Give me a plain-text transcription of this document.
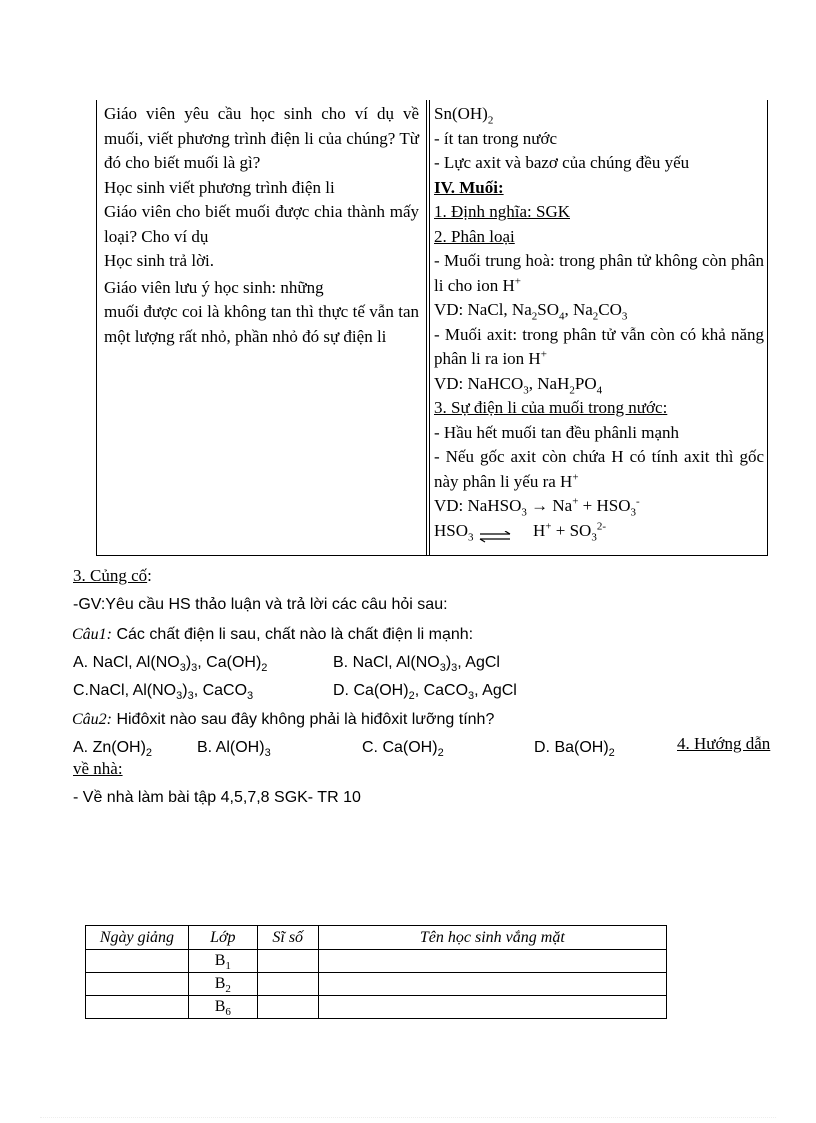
Giáo viên yêu cầu học sinh cho ví dụ về muối, viết phương trình điện li của chúng? Từ đó cho biết muối là gì?

Học sinh viết phương trình điện li

Giáo viên cho biết muối được chia thành mấy loại? Cho ví dụ

Học sinh trả lời.

Giáo viên lưu ý học sinh: những

muối được coi là không tan thì thực tế vẫn tan một lượng rất nhỏ, phần nhỏ đó sự điện li

$Sn(OH)_2$

- ít tan trong nước

- Lực axit và bazơ của chúng đều yếu

IV. Muối:

1. Định nghĩa: SGK

2. Phân loại

- Muối trung hoà: trong phân tử không còn phân li cho ion H+

VD: NaCl, $Na_2SO_4$, $Na_2CO_3$

- Muối axit: trong phân tử vẫn còn có khả năng phân li ra ion H+

VD: NaHCO$_3$, $NaH_2PO_4$

3. Sự điện li của muối trong nước:

- Hầu hết muối tan đều phânli mạnh

- Nếu gốc axit còn chứa H có tính axit thì gốc này phân li yếu ra H+

VD: NaHSO$_3$ → $Na^+ + HSO_3^-$

$HSO_3$ ⇌ $H^+ + SO_3^{2-}$

3. Củng cố:
-GV:Yêu cầu HS thảo luận và trả lời các câu hỏi sau:
Câu1: Các chất điện li sau, chất nào là chất điện li mạnh:
A. NaCl, $Al(NO_3)_3$, $Ca(OH)_2$	B. NaCl, $Al(NO_3)_3$, AgCl
C.NaCl, $Al(NO_3)_3$, CaCO$_3$	D. $Ca(OH)_2$, CaCO$_3$, AgCl
Câu2: Hiđôxit nào sau đây không phải là hiđôxit lưỡng tính?
A. $Zn(OH)_2$	B. $Al(OH)_3$	C. $Ca(OH)_2$	D. $Ba(OH)_2$
4. Hướng dẫn
về nhà:
- Về nhà làm bài tập 4,5,7,8 SGK- TR 10
Ngày giảng	Lớp	Sĩ số	Tên học sinh vắng mặt
	$B_1$		
	$B_2$		
	$B_6$		
